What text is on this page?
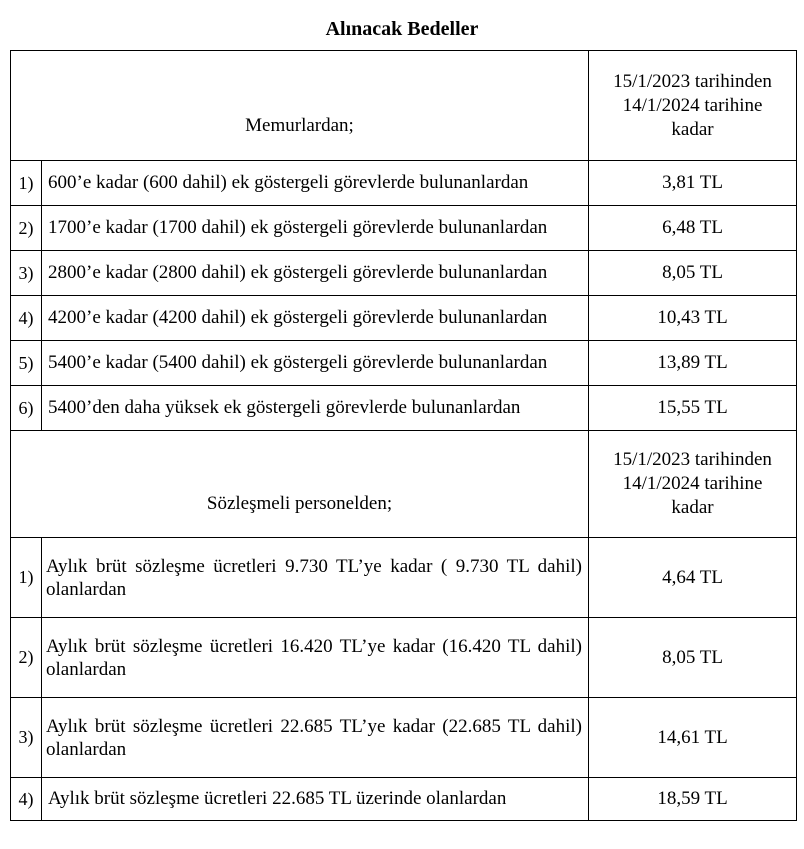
Alınacak Bedeller
Memurlardan;		15/1/2023 tarihinden
14/1/2024 tarihine
kadar

1)	600’e kadar (600 dahil) ek göstergeli görevlerde bulunanlardan	3,81 TL
2)	1700’e kadar (1700 dahil) ek göstergeli görevlerde bulunanlardan	6,48 TL
3)	2800’e kadar (2800 dahil) ek göstergeli görevlerde bulunanlardan	8,05 TL
4)	4200’e kadar (4200 dahil) ek göstergeli görevlerde bulunanlardan	10,43 TL
5)	5400’e kadar (5400 dahil) ek göstergeli görevlerde bulunanlardan	13,89 TL
6)	5400’den daha yüksek ek göstergeli görevlerde bulunanlardan	15,55 TL
Sözleşmeli personelden;		15/1/2023 tarihinden
14/1/2024 tarihine
kadar

1)	Aylık brüt sözleşme ücretleri 9.730 TL’ye kadar ( 9.730 TL dahil) olanlardan	4,64 TL
2)	Aylık brüt sözleşme ücretleri 16.420 TL’ye kadar (16.420 TL dahil) olanlardan	8,05 TL
3)	Aylık brüt sözleşme ücretleri 22.685 TL’ye kadar (22.685 TL dahil) olanlardan	14,61 TL
4)	Aylık brüt sözleşme ücretleri 22.685 TL üzerinde olanlardan	18,59 TL
